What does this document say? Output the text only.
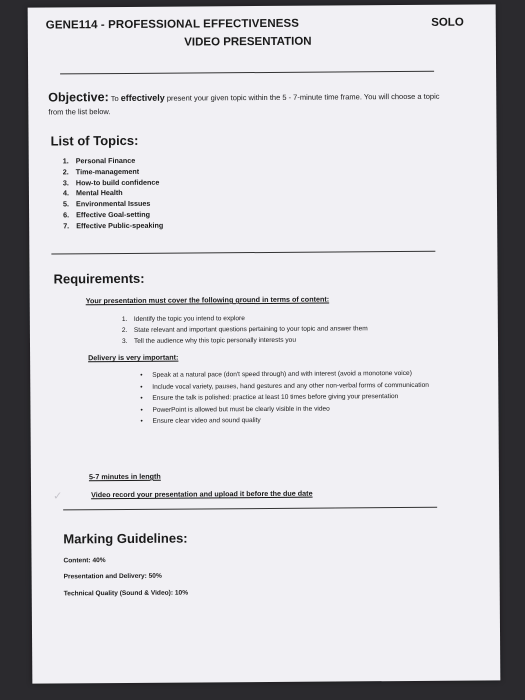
GENE114 - PROFESSIONAL EFFECTIVENESS	SOLO
VIDEO PRESENTATION
Objective: To effectively present your given topic within the 5 - 7-minute time frame. You will choose a topic from the list below.
List of Topics:
1. Personal Finance
2. Time-management
3. How-to build confidence
4. Mental Health
5. Environmental Issues
6. Effective Goal-setting
7. Effective Public-speaking
Requirements:
Your presentation must cover the following ground in terms of content:
1. Identify the topic you intend to explore
2. State relevant and important questions pertaining to your topic and answer them
3. Tell the audience why this topic personally interests you
Delivery is very important:
• Speak at a natural pace (don't speed through) and with interest (avoid a monotone voice)
• Include vocal variety, pauses, hand gestures and any other non-verbal forms of communication
• Ensure the talk is polished: practice at least 10 times before giving your presentation
• PowerPoint is allowed but must be clearly visible in the video
• Ensure clear video and sound quality
5-7 minutes in length
✓	Video record your presentation and upload it before the due date
Marking Guidelines:
Content: 40%
Presentation and Delivery: 50%
Technical Quality (Sound & Video): 10%
